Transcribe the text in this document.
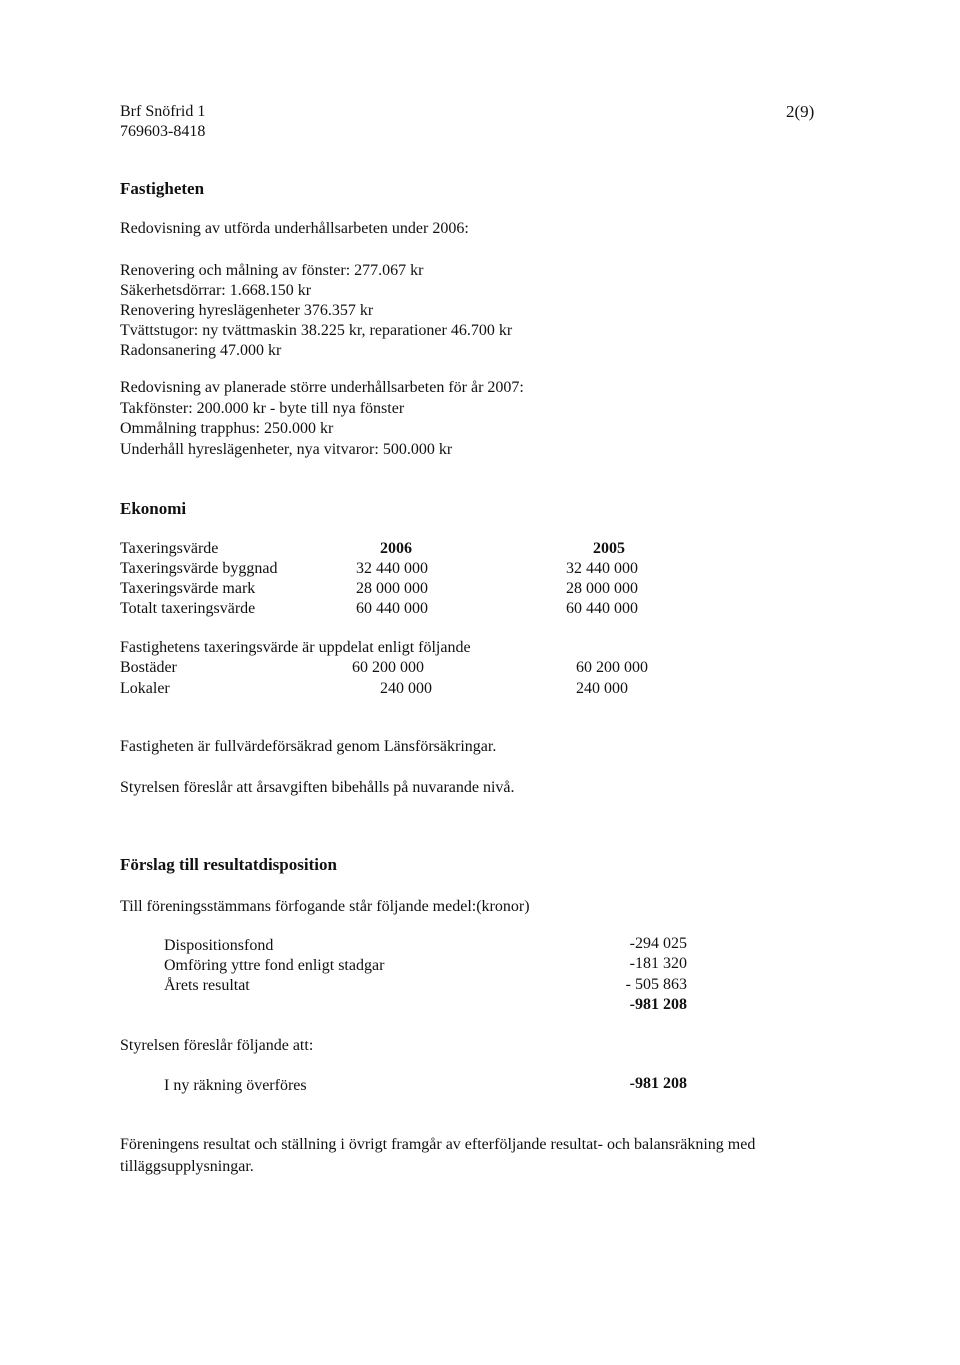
Brf Snöfrid 1
769603-8418
2(9)
Fastigheten
Redovisning av utförda underhållsarbeten under 2006:
Renovering och målning av fönster: 277.067 kr
Säkerhetsdörrar: 1.668.150 kr
Renovering hyreslägenheter 376.357 kr
Tvättstugor: ny tvättmaskin 38.225 kr, reparationer 46.700 kr
Radonsanering 47.000 kr
Redovisning av planerade större underhållsarbeten för år 2007:
Takfönster: 200.000 kr - byte till nya fönster
Ommålning trapphus: 250.000 kr
Underhåll hyreslägenheter, nya vitvaror: 500.000 kr
Ekonomi
Taxeringsvärde	2006	2005
Taxeringsvärde byggnad	32 440 000	32 440 000
Taxeringsvärde mark	28 000 000	28 000 000
Totalt taxeringsvärde	60 440 000	60 440 000
Fastighetens taxeringsvärde är uppdelat enligt följande
Bostäder	60 200 000	60 200 000
Lokaler	240 000	240 000
Fastigheten är fullvärdeförsäkrad genom Länsförsäkringar.
Styrelsen föreslår att årsavgiften bibehålls på nuvarande nivå.
Förslag till resultatdisposition
Till föreningsstämmans förfogande står följande medel:(kronor)
Dispositionsfond	-294 025
Omföring yttre fond enligt stadgar	-181 320
Årets resultat	- 505 863
-981 208
Styrelsen föreslår följande att:
I ny räkning överföres	-981 208
Föreningens resultat och ställning i övrigt framgår av efterföljande resultat- och balansräkning med
tilläggsupplysningar.
